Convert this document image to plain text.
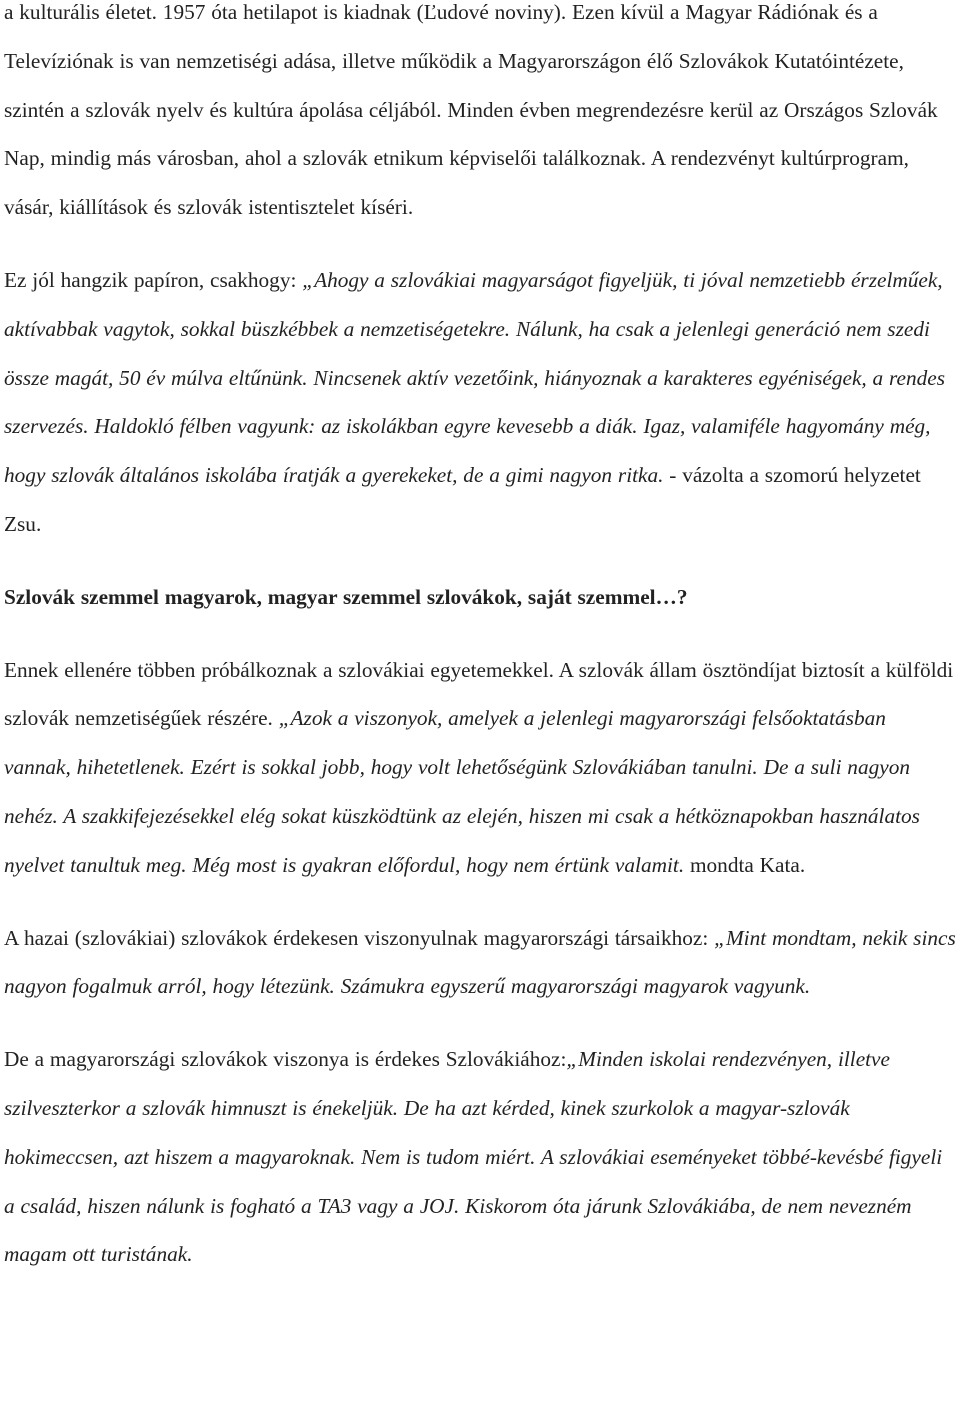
a kulturális életet. 1957 óta hetilapot is kiadnak (Ľudové noviny). Ezen kívül a Magyar Rádiónak és a Televíziónak is van nemzetiségi adása, illetve működik a Magyarországon élő Szlovákok Kutatóintézete, szintén a szlovák nyelv és kultúra ápolása céljából. Minden évben megrendezésre kerül az Országos Szlovák Nap, mindig más városban, ahol a szlovák etnikum képviselői találkoznak. A rendezvényt kultúrprogram, vásár, kiállítások és szlovák istentisztelet kíséri.

Ez jól hangzik papíron, csakhogy: „Ahogy a szlovákiai magyarságot figyeljük, ti jóval nemzetiebb érzelműek, aktívabbak vagytok, sokkal büszkébbek a nemzetiségetekre. Nálunk, ha csak a jelenlegi generáció nem szedi össze magát, 50 év múlva eltűnünk. Nincsenek aktív vezetőink, hiányoznak a karakteres egyéniségek, a rendes szervezés. Haldokló félben vagyunk: az iskolákban egyre kevesebb a diák. Igaz, valamiféle hagyomány még, hogy szlovák általános iskolába íratják a gyerekeket, de a gimi nagyon ritka. - vázolta a szomorú helyzetet Zsu.

Szlovák szemmel magyarok, magyar szemmel szlovákok, saját szemmel…?

Ennek ellenére többen próbálkoznak a szlovákiai egyetemekkel. A szlovák állam ösztöndíjat biztosít a külföldi szlovák nemzetiségűek részére. „Azok a viszonyok, amelyek a jelenlegi magyarországi felsőoktatásban vannak, hihetetlenek. Ezért is sokkal jobb, hogy volt lehetőségünk Szlovákiában tanulni. De a suli nagyon nehéz. A szakkifejezésekkel elég sokat küszködtünk az elején, hiszen mi csak a hétköznapokban használatos nyelvet tanultuk meg. Még most is gyakran előfordul, hogy nem értünk valamit. mondta Kata.

A hazai (szlovákiai) szlovákok érdekesen viszonyulnak magyarországi társaikhoz: „Mint mondtam, nekik sincs nagyon fogalmuk arról, hogy létezünk. Számukra egyszerű magyarországi magyarok vagyunk.

De a magyarországi szlovákok viszonya is érdekes Szlovákiához:„Minden iskolai rendezvényen, illetve szilveszterkor a szlovák himnuszt is énekeljük. De ha azt kérded, kinek szurkolok a magyar-szlovák hokimeccsen, azt hiszem a magyaroknak. Nem is tudom miért. A szlovákiai eseményeket többé-kevésbé figyeli a család, hiszen nálunk is fogható a TA3 vagy a JOJ. Kiskorom óta járunk Szlovákiába, de nem nevezném magam ott turistának.
